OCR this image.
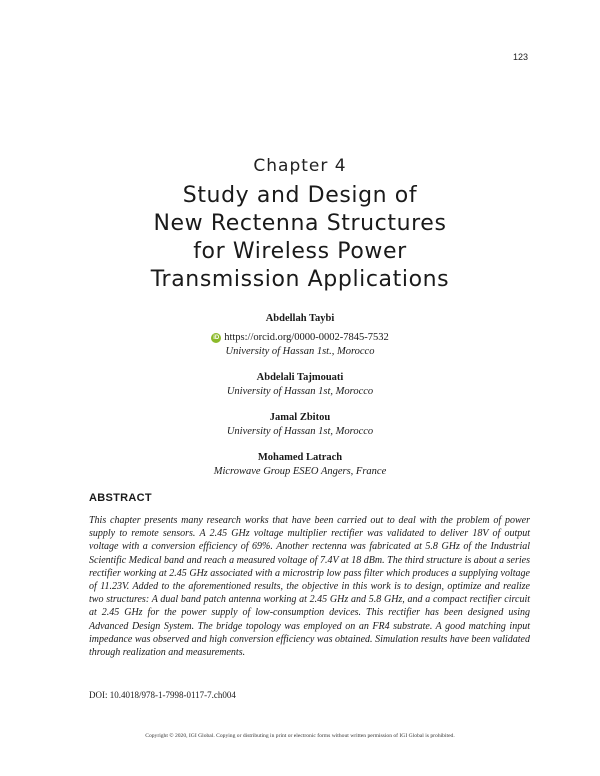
123
Chapter 4
Study and Design of
New Rectenna Structures
for Wireless Power
Transmission Applications
Abdellah Taybi
iD https://orcid.org/0000-0002-7845-7532
University of Hassan 1st., Morocco
Abdelali Tajmouati
University of Hassan 1st, Morocco
Jamal Zbitou
University of Hassan 1st, Morocco
Mohamed Latrach
Microwave Group ESEO Angers, France
ABSTRACT

This chapter presents many research works that have been carried out to deal with the problem of power supply to remote sensors. A 2.45 GHz voltage multiplier rectifier was validated to deliver 18V of output voltage with a conversion efficiency of 69%. Another rectenna was fabricated at 5.8 GHz of the Industrial Scientific Medical band and reach a measured voltage of 7.4V at 18 dBm. The third structure is about a series rectifier working at 2.45 GHz associated with a microstrip low pass filter which produces a supplying voltage of 11.23V. Added to the aforementioned results, the objective in this work is to design, optimize and realize two structures: A dual band patch antenna working at 2.45 GHz and 5.8 GHz, and a compact rectifier circuit at 2.45 GHz for the power supply of low-consumption devices. This rectifier has been designed using Advanced Design System. The bridge topology was employed on an FR4 substrate. A good matching input impedance was observed and high conversion efficiency was obtained. Simulation results have been validated through realization and measurements.

DOI: 10.4018/978-1-7998-0117-7.ch004
Copyright © 2020, IGI Global. Copying or distributing in print or electronic forms without written permission of IGI Global is prohibited.
